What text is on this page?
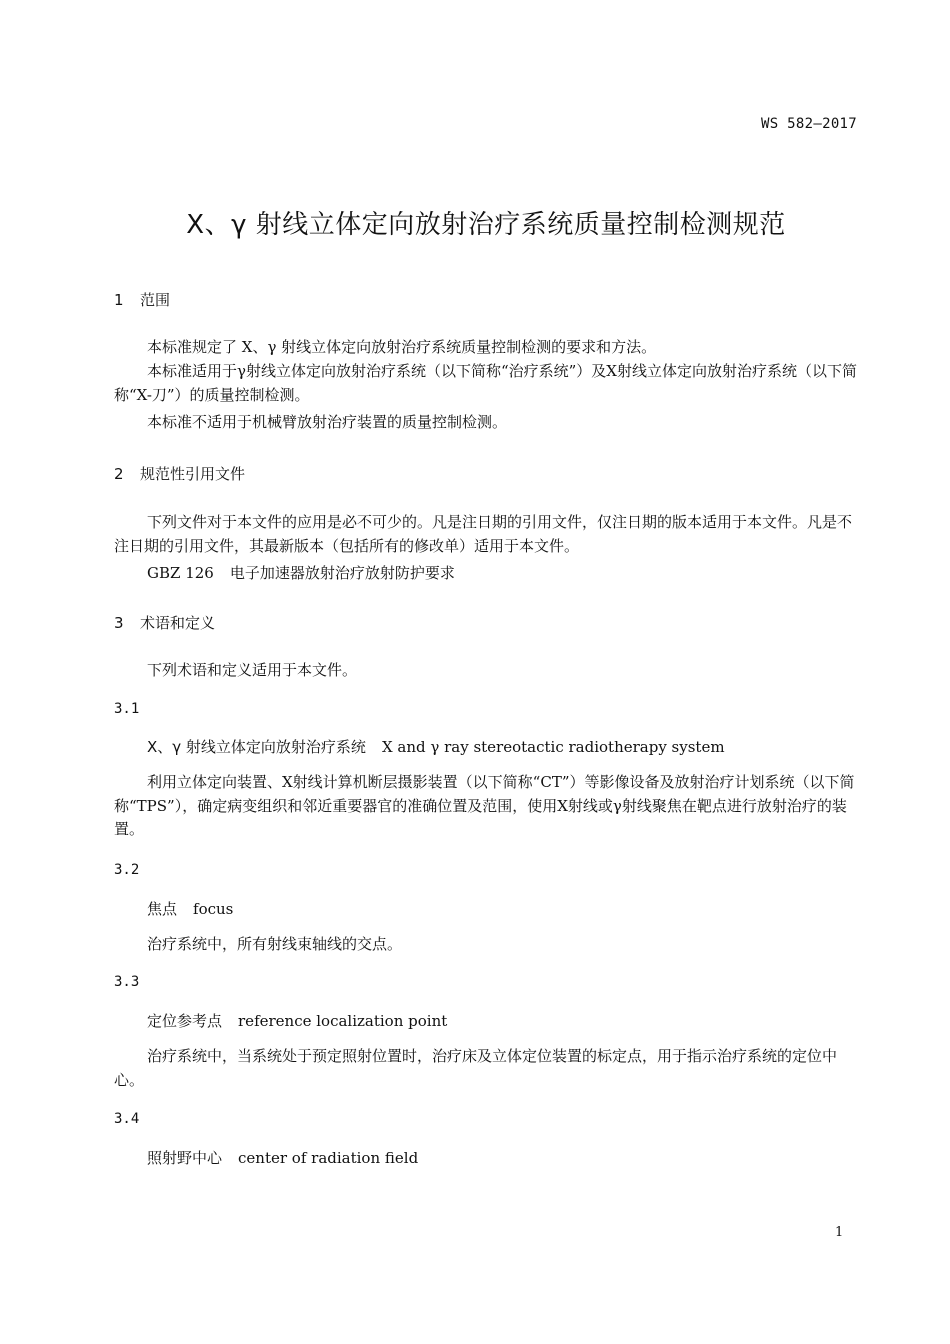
WS 582—2017
X、γ 射线立体定向放射治疗系统质量控制检测规范
1 范围
本标准规定了 X、γ 射线立体定向放射治疗系统质量控制检测的要求和方法。
本标准适用于γ射线立体定向放射治疗系统（以下简称“治疗系统”）及X射线立体定向放射治疗系统（以下简称“X-刀”）的质量控制检测。
本标准不适用于机械臂放射治疗装置的质量控制检测。
2 规范性引用文件
下列文件对于本文件的应用是必不可少的。凡是注日期的引用文件，仅注日期的版本适用于本文件。凡是不注日期的引用文件，其最新版本（包括所有的修改单）适用于本文件。
GBZ 126 电子加速器放射治疗放射防护要求
3 术语和定义
下列术语和定义适用于本文件。
3.1
X、γ 射线立体定向放射治疗系统 X and γ ray stereotactic radiotherapy system
利用立体定向装置、X射线计算机断层摄影装置（以下简称“CT”）等影像设备及放射治疗计划系统（以下简称“TPS”），确定病变组织和邻近重要器官的准确位置及范围，使用X射线或γ射线聚焦在靶点进行放射治疗的装置。
3.2
焦点 focus
治疗系统中，所有射线束轴线的交点。
3.3
定位参考点 reference localization point
治疗系统中，当系统处于预定照射位置时，治疗床及立体定位装置的标定点，用于指示治疗系统的定位中心。
3.4
照射野中心 center of radiation field
1
